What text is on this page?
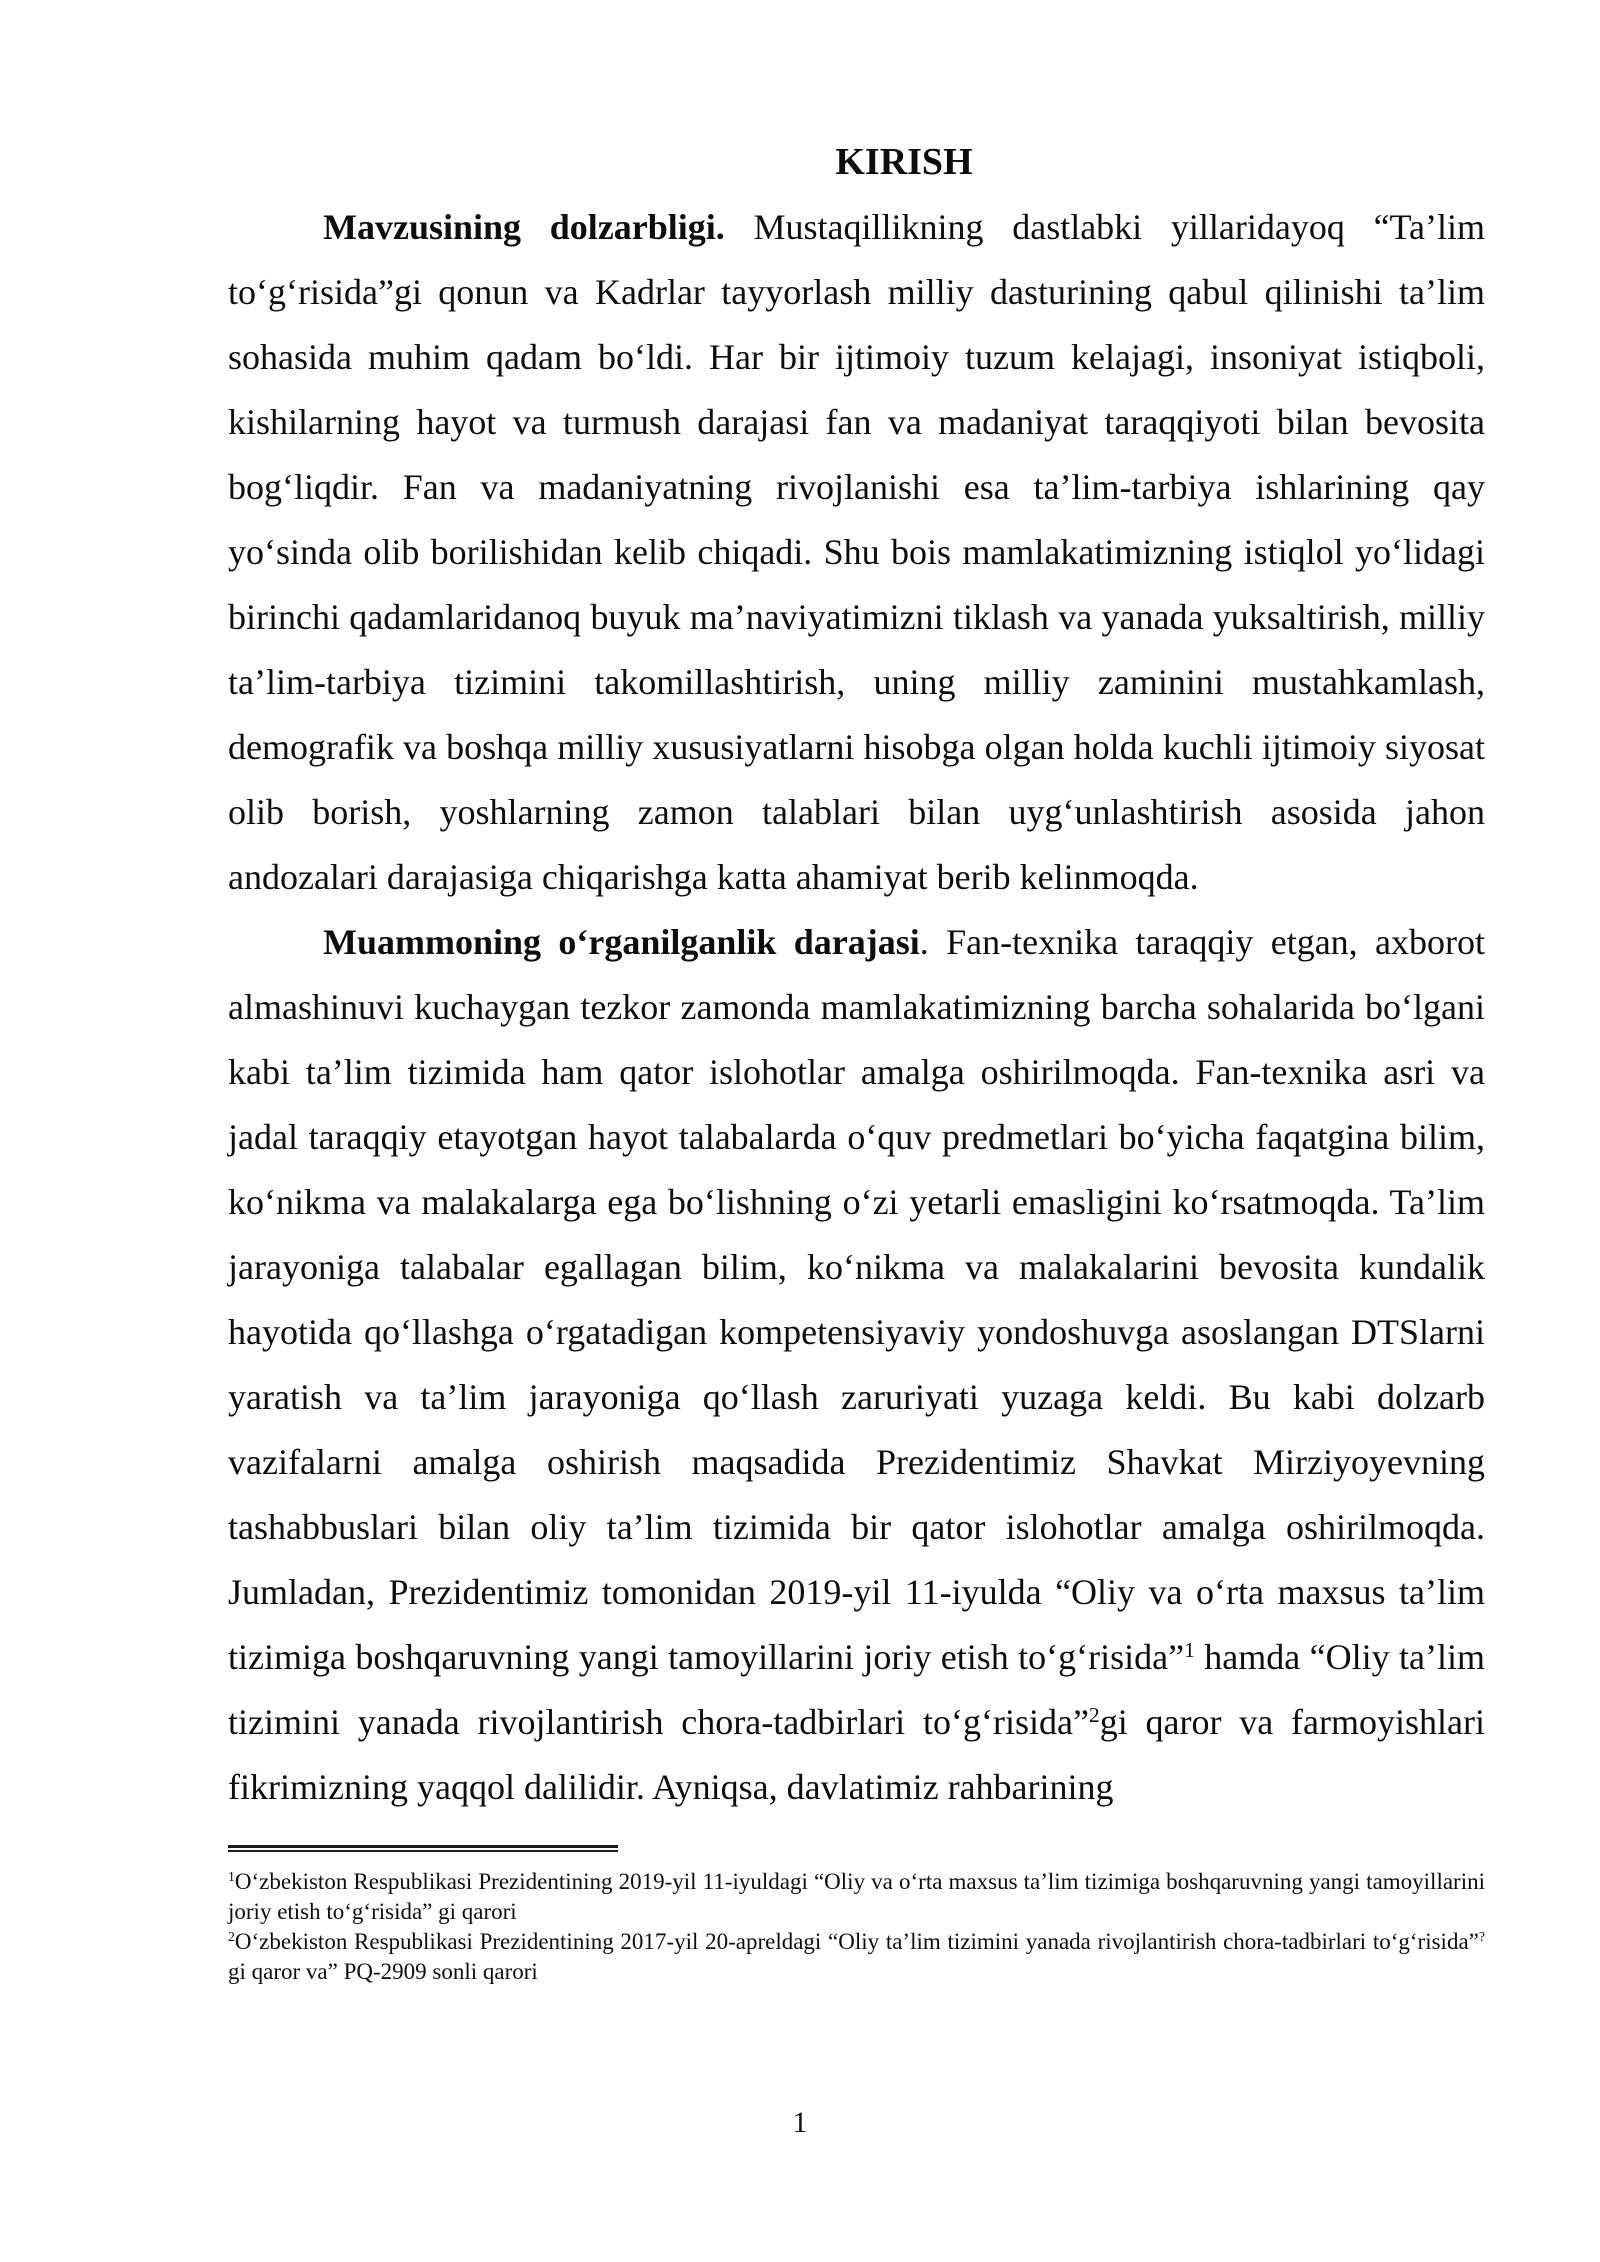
KIRISH

Mavzusining dolzarbligi. Mustaqillikning dastlabki yillaridayoq “Ta’lim to‘g‘risida”gi qonun va Kadrlar tayyorlash milliy dasturining qabul qilinishi ta’lim sohasida muhim qadam bo‘ldi. Har bir ijtimoiy tuzum kelajagi, insoniyat istiqboli, kishilarning hayot va turmush darajasi fan va madaniyat taraqqiyoti bilan bevosita bog‘liqdir. Fan va madaniyatning rivojlanishi esa ta’lim-tarbiya ishlarining qay yo‘sinda olib borilishidan kelib chiqadi. Shu bois mamlakatimizning istiqlol yo‘lidagi birinchi qadamlaridanoq buyuk ma’naviyatimizni tiklash va yanada yuksaltirish, milliy ta’lim-tarbiya tizimini takomillashtirish, uning milliy zaminini mustahkamlash, demografik va boshqa milliy xususiyatlarni hisobga olgan holda kuchli ijtimoiy siyosat olib borish, yoshlarning zamon talablari bilan uyg‘unlashtirish asosida jahon andozalari darajasiga chiqarishga katta ahamiyat berib kelinmoqda.

Muammoning o‘rganilganlik darajasi. Fan-texnika taraqqiy etgan, axborot almashinuvi kuchaygan tezkor zamonda mamlakatimizning barcha sohalarida bo‘lgani kabi ta’lim tizimida ham qator islohotlar amalga oshirilmoqda. Fan-texnika asri va jadal taraqqiy etayotgan hayot talabalarda o‘quv predmetlari bo‘yicha faqatgina bilim, ko‘nikma va malakalarga ega bo‘lishning o‘zi yetarli emasligini ko‘rsatmoqda. Ta’lim jarayoniga talabalar egallagan bilim, ko‘nikma va malakalarini bevosita kundalik hayotida qo‘llashga o‘rgatadigan kompetensiyaviy yondoshuvga asoslangan DTSlarni yaratish va ta’lim jarayoniga qo‘llash zaruriyati yuzaga keldi. Bu kabi dolzarb vazifalarni amalga oshirish maqsadida Prezidentimiz Shavkat Mirziyoyevning tashabbuslari bilan oliy ta’lim tizimida bir qator islohotlar amalga oshirilmoqda. Jumladan, Prezidentimiz tomonidan 2019-yil 11-iyulda “Oliy va o‘rta maxsus ta’lim tizimiga boshqaruvning yangi tamoyillarini joriy etish to‘g‘risida”$^1$ hamda “Oliy ta’lim tizimini yanada rivojlantirish chora-tadbirlari to‘g‘risida”$^2$gi qaror va farmoyishlari fikrimizning yaqqol dalilidir. Ayniqsa, davlatimiz rahbarining

$^1$O‘zbekiston Respublikasi Prezidentining 2019-yil 11-iyuldagi “Oliy va o‘rta maxsus ta’lim tizimiga boshqaruvning yangi tamoyillarini joriy etish to‘g‘risida” gi qarori

$^2$O‘zbekiston Respublikasi Prezidentining 2017-yil 20-apreldagi “Oliy ta’lim tizimini yanada rivojlantirish chora-tadbirlari to‘g‘risida”?gi qaror va” PQ-2909 sonli qarori

1
